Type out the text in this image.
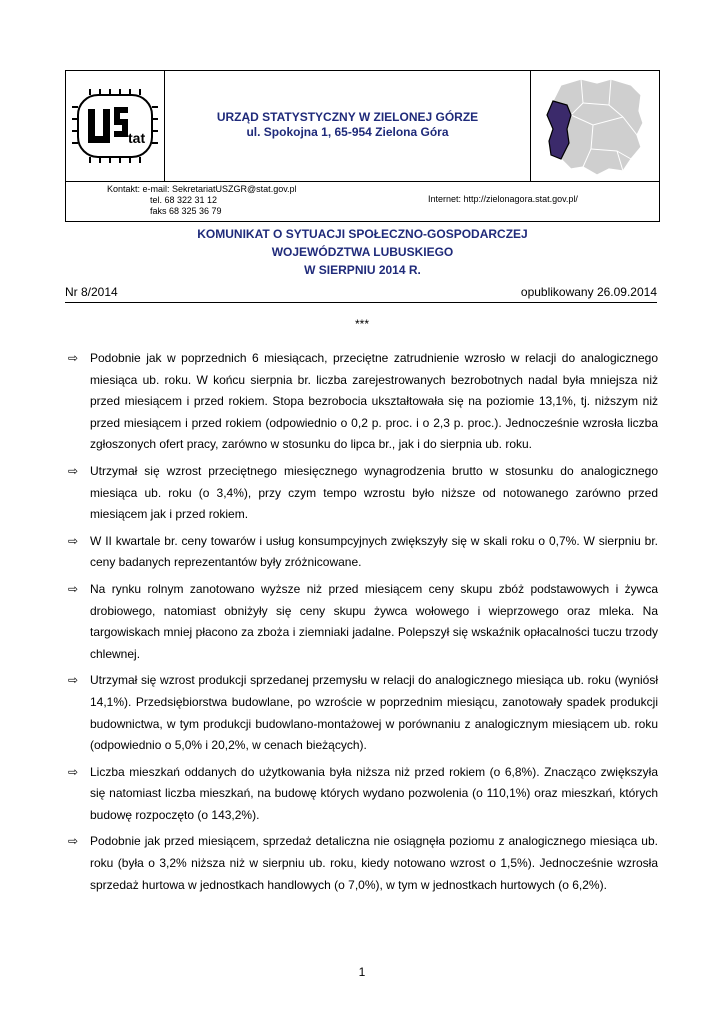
tat
URZĄD STATYSTYCZNY W ZIELONEJ GÓRZE
ul. Spokojna 1, 65-954 Zielona Góra
Kontakt: e-mail: SekretariatUSZGR@stat.gov.pl
tel. 68 322 31 12
faks 68 325 36 79
Internet: http://zielonagora.stat.gov.pl/
KOMUNIKAT O SYTUACJI SPOŁECZNO-GOSPODARCZEJ
WOJEWÓDZTWA LUBUSKIEGO
W SIERPNIU 2014 R.
Nr 8/2014	opublikowany 26.09.2014
***
⇨ Podobnie jak w poprzednich 6 miesiącach, przeciętne zatrudnienie wzrosło w relacji do analogicznego miesiąca ub. roku. W końcu sierpnia br. liczba zarejestrowanych bezrobotnych nadal była mniejsza niż przed miesiącem i przed rokiem. Stopa bezrobocia ukształtowała się na poziomie 13,1%, tj. niższym niż przed miesiącem i przed rokiem (odpowiednio o 0,2 p. proc. i o 2,3 p. proc.). Jednocześnie wzrosła liczba zgłoszonych ofert pracy, zarówno w stosunku do lipca br., jak i do sierpnia ub. roku.
⇨ Utrzymał się wzrost przeciętnego miesięcznego wynagrodzenia brutto w stosunku do analogicznego miesiąca ub. roku (o 3,4%), przy czym tempo wzrostu było niższe od notowanego zarówno przed miesiącem jak i przed rokiem.
⇨ W II kwartale br. ceny towarów i usług konsumpcyjnych zwiększyły się w skali roku o 0,7%. W sierpniu br. ceny badanych reprezentantów były zróżnicowane.
⇨ Na rynku rolnym zanotowano wyższe niż przed miesiącem ceny skupu zbóż podstawowych i żywca drobiowego, natomiast obniżyły się ceny skupu żywca wołowego i wieprzowego oraz mleka. Na targowiskach mniej płacono za zboża i ziemniaki jadalne. Polepszył się wskaźnik opłacalności tuczu trzody chlewnej.
⇨ Utrzymał się wzrost produkcji sprzedanej przemysłu w relacji do analogicznego miesiąca ub. roku (wyniósł 14,1%). Przedsiębiorstwa budowlane, po wzroście w poprzednim miesiącu, zanotowały spadek produkcji budownictwa, w tym produkcji budowlano-montażowej w porównaniu z analogicznym miesiącem ub. roku (odpowiednio o 5,0% i 20,2%, w cenach bieżących).
⇨ Liczba mieszkań oddanych do użytkowania była niższa niż przed rokiem (o 6,8%). Znacząco zwiększyła się natomiast liczba mieszkań, na budowę których wydano pozwolenia (o 110,1%) oraz mieszkań, których budowę rozpoczęto (o 143,2%).
⇨ Podobnie jak przed miesiącem, sprzedaż detaliczna nie osiągnęła poziomu z analogicznego miesiąca ub. roku (była o 3,2% niższa niż w sierpniu ub. roku, kiedy notowano wzrost o 1,5%). Jednocześnie wzrosła sprzedaż hurtowa w jednostkach handlowych (o 7,0%), w tym w jednostkach hurtowych (o 6,2%).
1
